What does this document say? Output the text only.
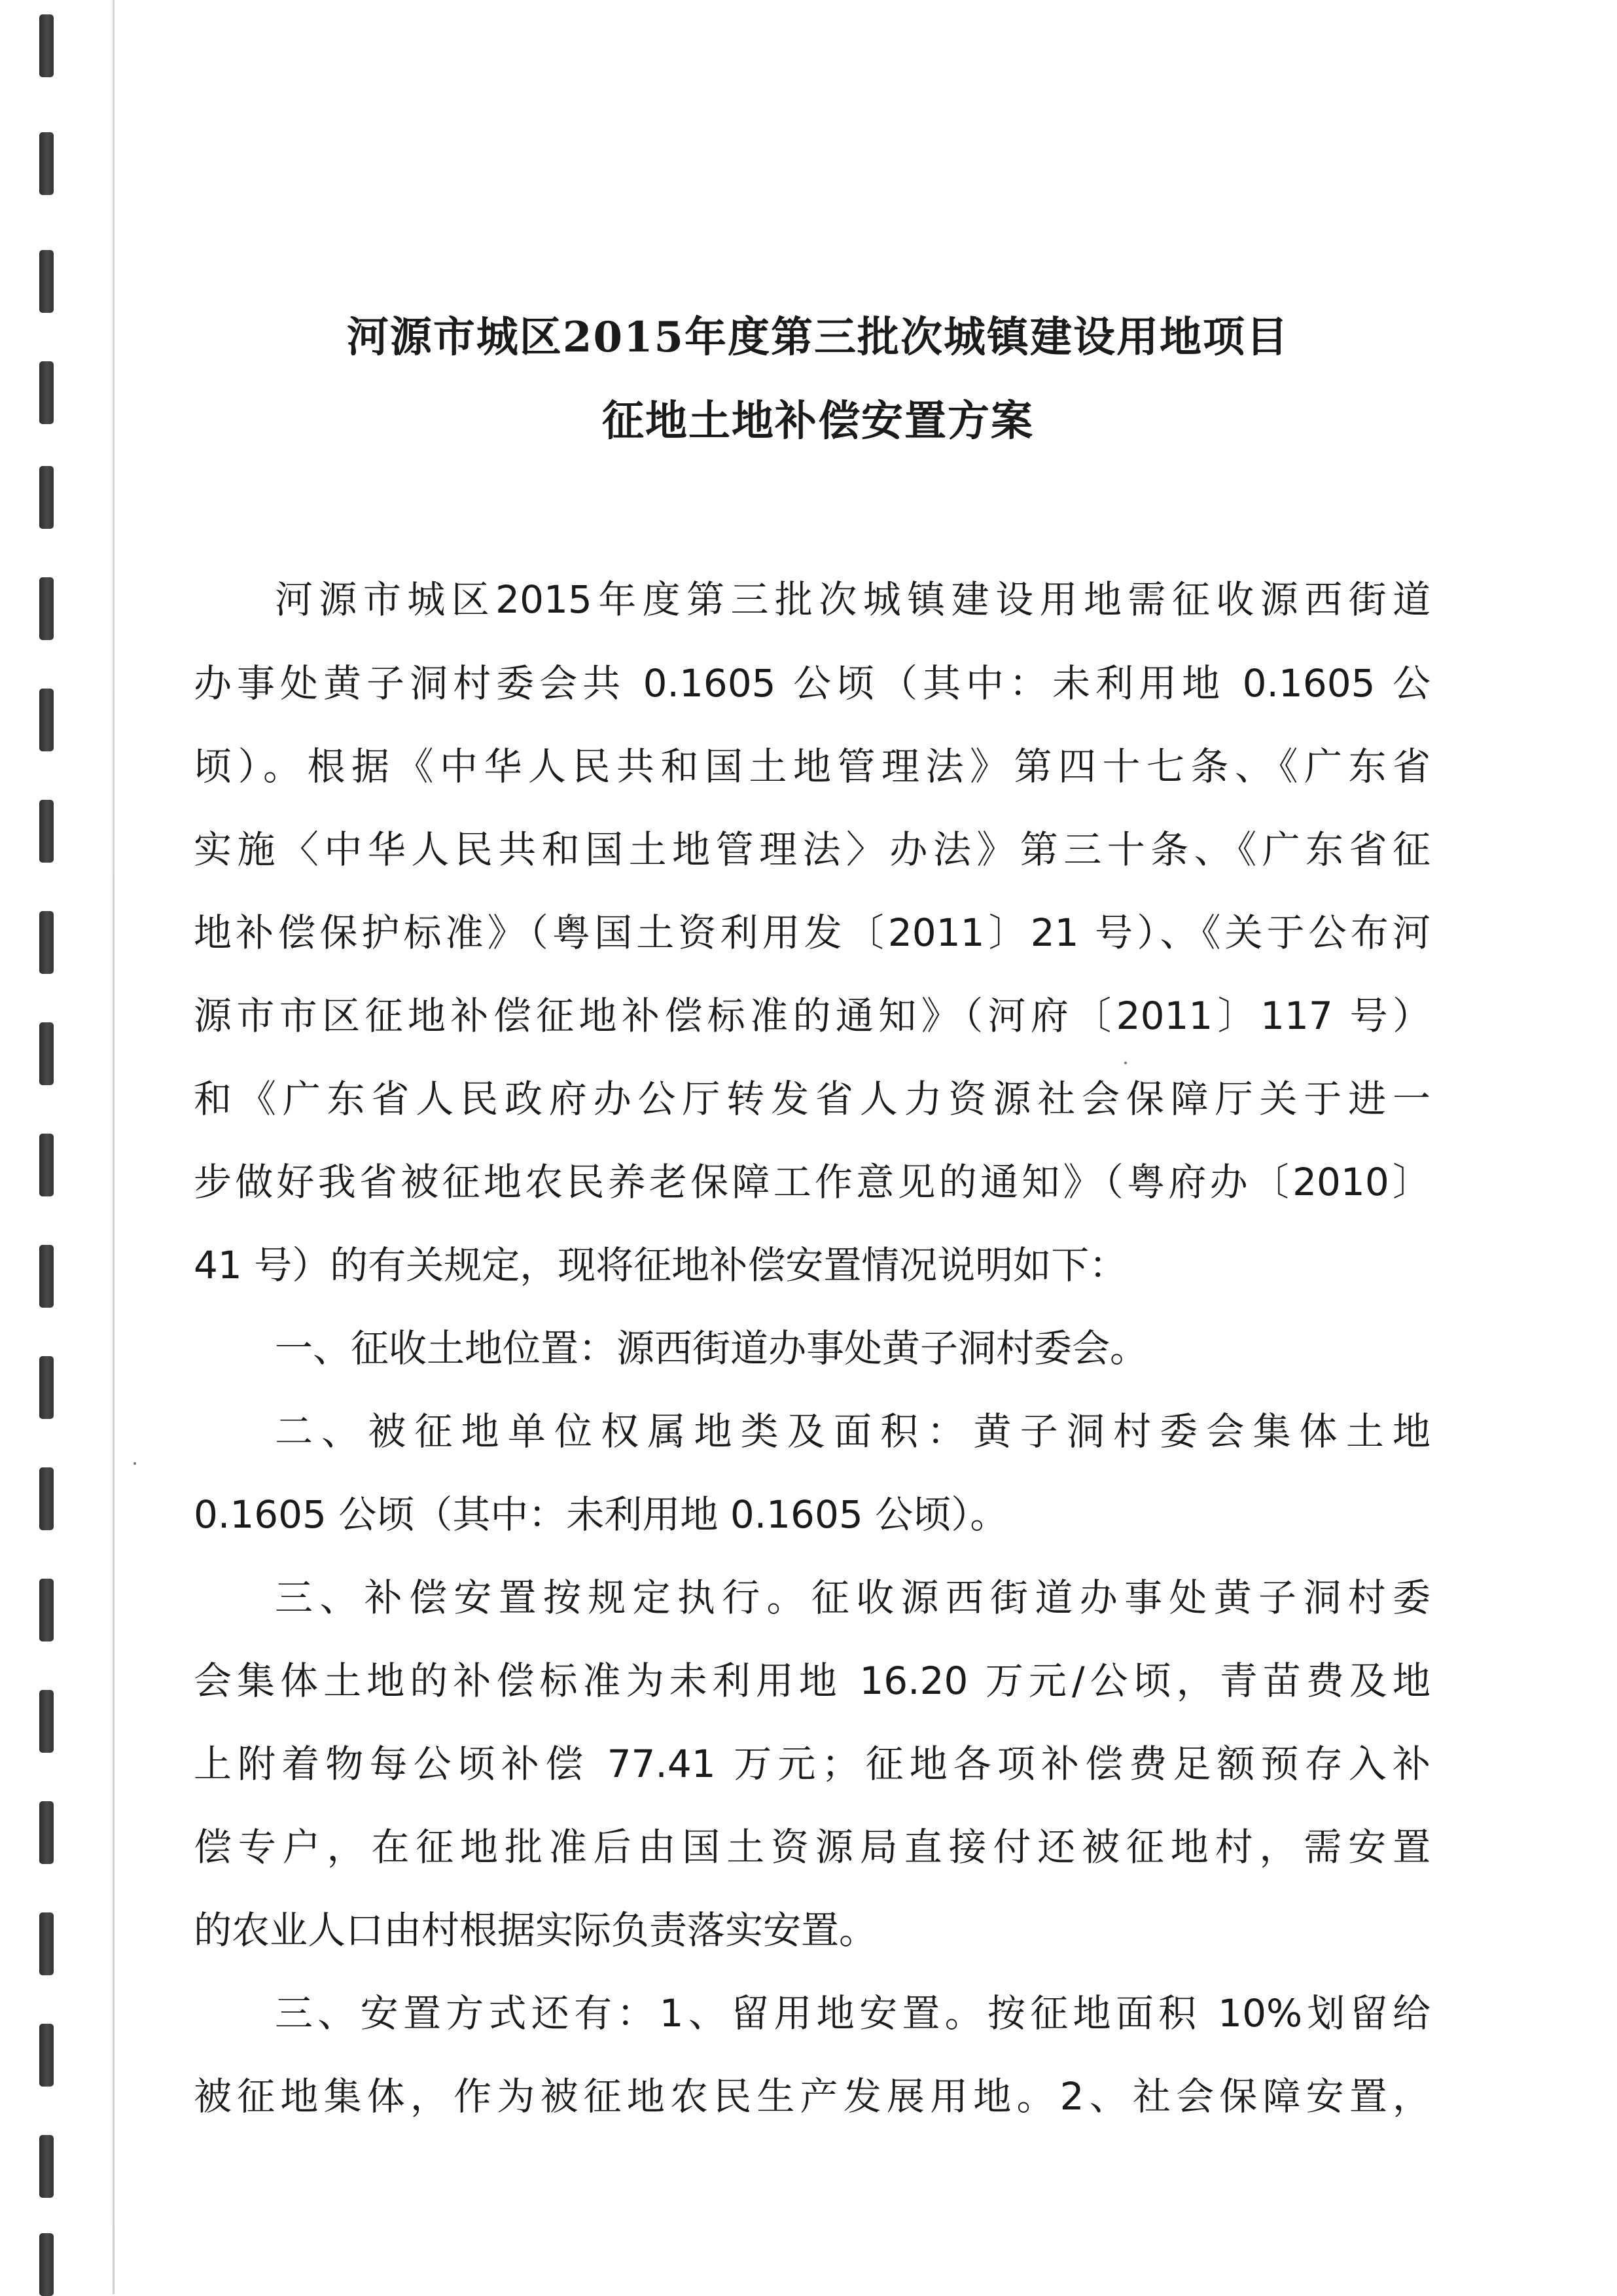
河源市城区2015年度第三批次城镇建设用地项目
征地土地补偿安置方案
河源市城区2015年度第三批次城镇建设用地需征收源西街道
办事处黄子洞村委会共 0.1605 公顷（其中：未利用地 0.1605 公
顷）。根据《中华人民共和国土地管理法》第四十七条、《广东省
实施〈中华人民共和国土地管理法〉办法》第三十条、《广东省征
地补偿保护标准》（粤国土资利用发〔2011〕21 号）、《关于公布河
源市市区征地补偿征地补偿标准的通知》（河府〔2011〕117 号）
和《广东省人民政府办公厅转发省人力资源社会保障厅关于进一
步做好我省被征地农民养老保障工作意见的通知》（粤府办〔2010〕
41 号）的有关规定，现将征地补偿安置情况说明如下：
一、征收土地位置：源西街道办事处黄子洞村委会。
二、被征地单位权属地类及面积：黄子洞村委会集体土地
0.1605 公顷（其中：未利用地 0.1605 公顷）。
三、补偿安置按规定执行。征收源西街道办事处黄子洞村委
会集体土地的补偿标准为未利用地 16.20 万元/公顷，青苗费及地
上附着物每公顷补偿 77.41 万元；征地各项补偿费足额预存入补
偿专户，在征地批准后由国土资源局直接付还被征地村，需安置
的农业人口由村根据实际负责落实安置。
三、安置方式还有：1、留用地安置。按征地面积 10%划留给
被征地集体，作为被征地农民生产发展用地。2、社会保障安置，
